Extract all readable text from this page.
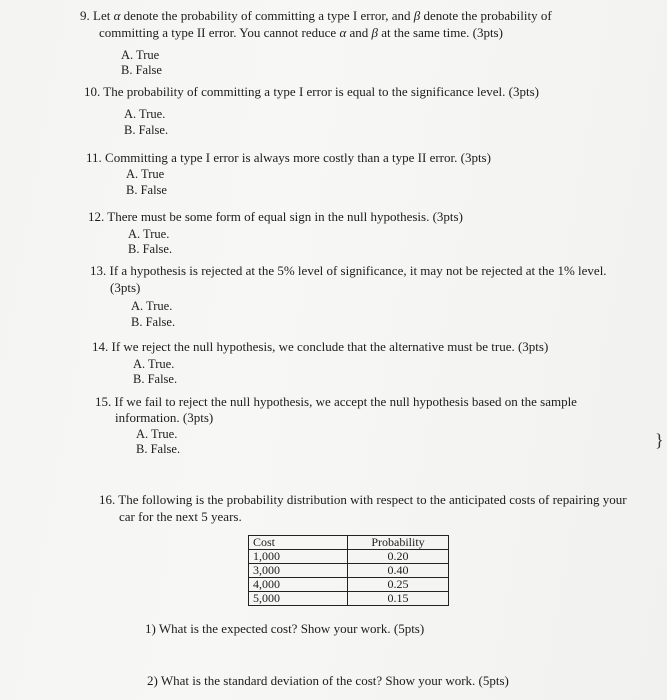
9. Let α denote the probability of committing a type I error, and β denote the probability of
committing a type II error. You cannot reduce α and β at the same time. (3pts)
A. True
B. False
10. The probability of committing a type I error is equal to the significance level. (3pts)
A. True.
B. False.
11. Committing a type I error is always more costly than a type II error. (3pts)
A. True
B. False
12. There must be some form of equal sign in the null hypothesis. (3pts)
A. True.
B. False.
13. If a hypothesis is rejected at the 5% level of significance, it may not be rejected at the 1% level.
(3pts)
A. True.
B. False.
14. If we reject the null hypothesis, we conclude that the alternative must be true. (3pts)
A. True.
B. False.
15. If we fail to reject the null hypothesis, we accept the null hypothesis based on the sample
information. (3pts)
A. True.
B. False.	}
16. The following is the probability distribution with respect to the anticipated costs of repairing your
car for the next 5 years.
Cost	Probability
1,000	0.20
3,000	0.40
4,000	0.25
5,000	0.15
1) What is the expected cost? Show your work. (5pts)
2) What is the standard deviation of the cost? Show your work. (5pts)
